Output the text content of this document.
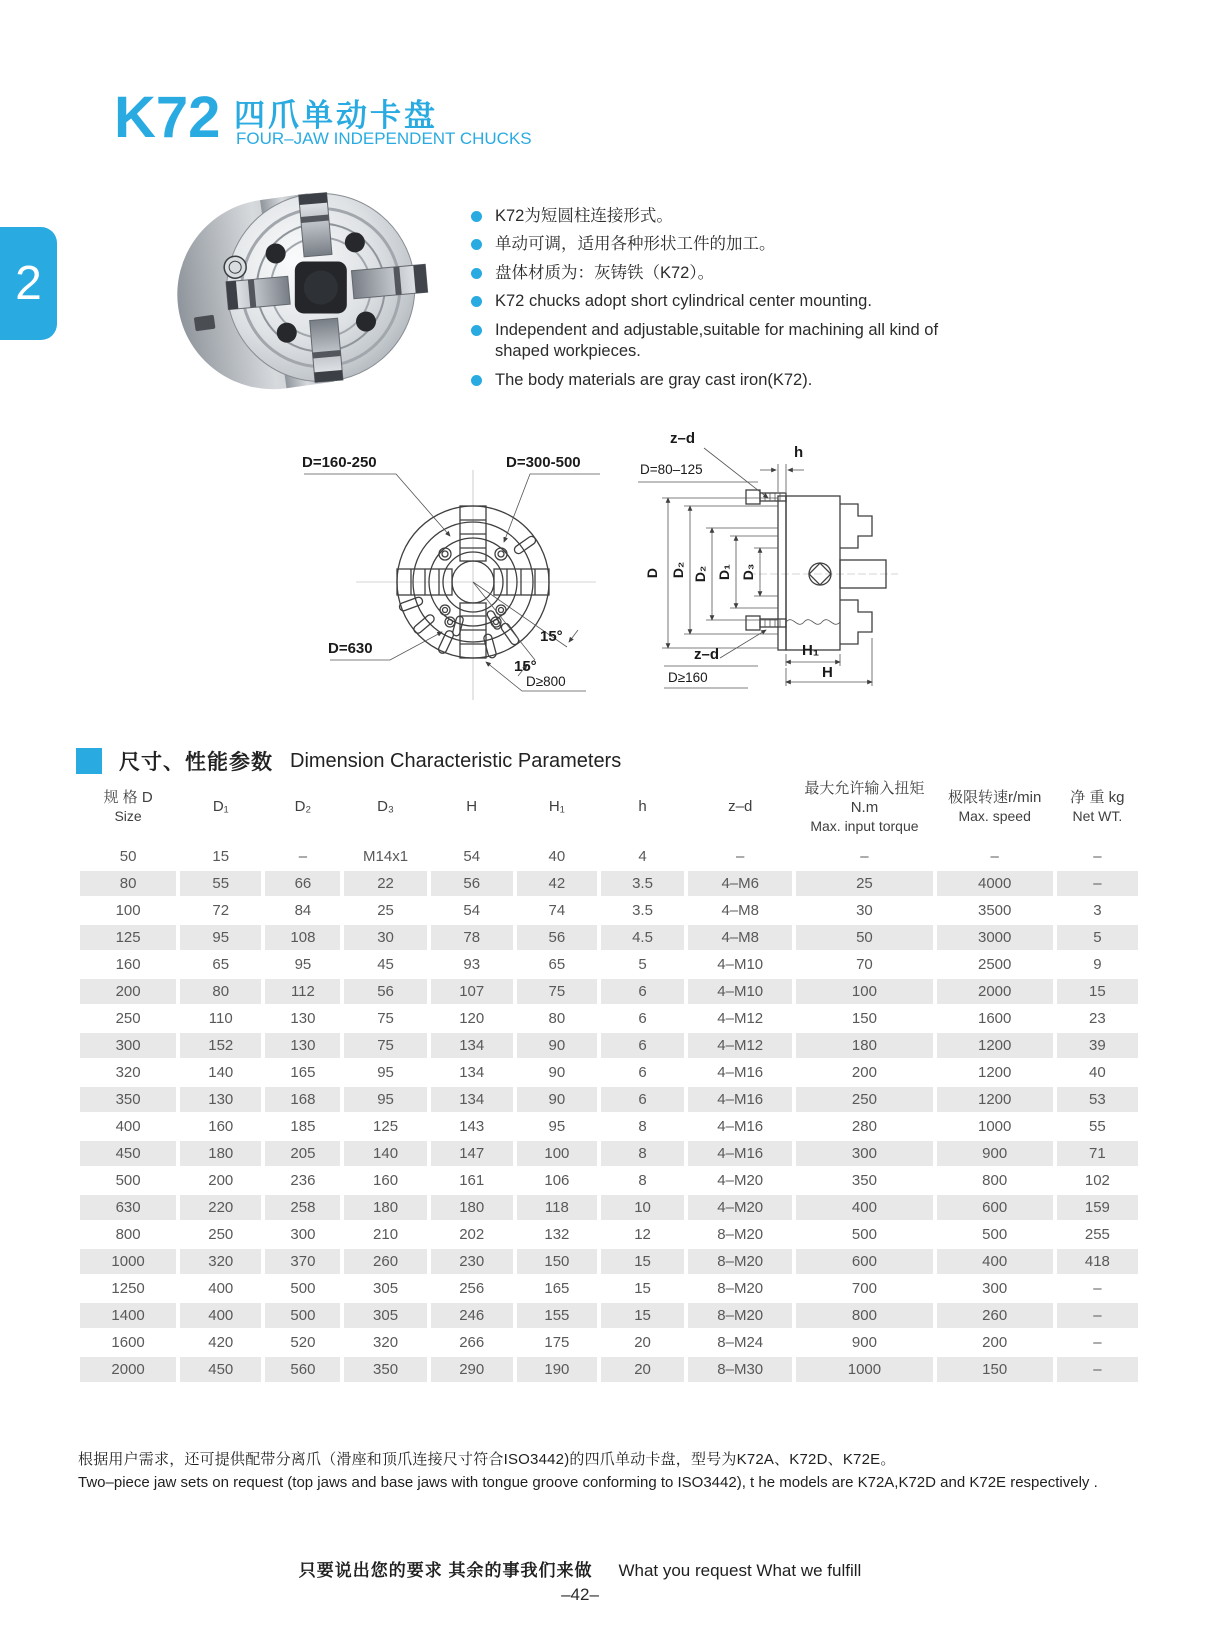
2
K72 四爪单动卡盘
FOUR–JAW INDEPENDENT CHUCKS
K72为短圆柱连接形式。
单动可调，适用各种形状工件的加工。
盘体材质为：灰铸铁（K72）。
K72 chucks adopt short cylindrical center mounting.
Independent and adjustable,suitable for machining all kind of shaped workpieces.
The body materials are gray cast iron(K72).
D=160-250	D=300-500
D=630
15°
15°
D≥800
z–d
h
D=80–125
D D₂ D₂ D₁ D₃
z–d
D≥160
H₁
H
尺寸、性能参数 Dimension Characteristic Parameters
规 格 D
Size

D₁	D₂	D₃	H	H₁	h	z–d

最大允许输入扭矩N.m
Max. input torque

极限转速r/min
Max. speed

净 重 kg
Net WT.

50	15	–	M14x1	54	40	4	–	–	–	–
80	55	66	22	56	42	3.5	4–M6	25	4000	–
100	72	84	25	54	74	3.5	4–M8	30	3500	3
125	95	108	30	78	56	4.5	4–M8	50	3000	5
160	65	95	45	93	65	5	4–M10	70	2500	9
200	80	112	56	107	75	6	4–M10	100	2000	15
250	110	130	75	120	80	6	4–M12	150	1600	23
300	152	130	75	134	90	6	4–M12	180	1200	39
320	140	165	95	134	90	6	4–M16	200	1200	40
350	130	168	95	134	90	6	4–M16	250	1200	53
400	160	185	125	143	95	8	4–M16	280	1000	55
450	180	205	140	147	100	8	4–M16	300	900	71
500	200	236	160	161	106	8	4–M20	350	800	102
630	220	258	180	180	118	10	4–M20	400	600	159
800	250	300	210	202	132	12	8–M20	500	500	255
1000	320	370	260	230	150	15	8–M20	600	400	418
1250	400	500	305	256	165	15	8–M20	700	300	–
1400	400	500	305	246	155	15	8–M20	800	260	–
1600	420	520	320	266	175	20	8–M24	900	200	–
2000	450	560	350	290	190	20	8–M30	1000	150	–
根据用户需求，还可提供配带分离爪（滑座和顶爪连接尺寸符合ISO3442)的四爪单动卡盘，型号为K72A、K72D、K72E。
Two–piece jaw sets on request (top jaws and base jaws with tongue groove conforming to ISO3442), t he models are K72A,K72D and K72E respectively .
只要说出您的要求 其余的事我们来做 What you request What we fulfill
–42–
